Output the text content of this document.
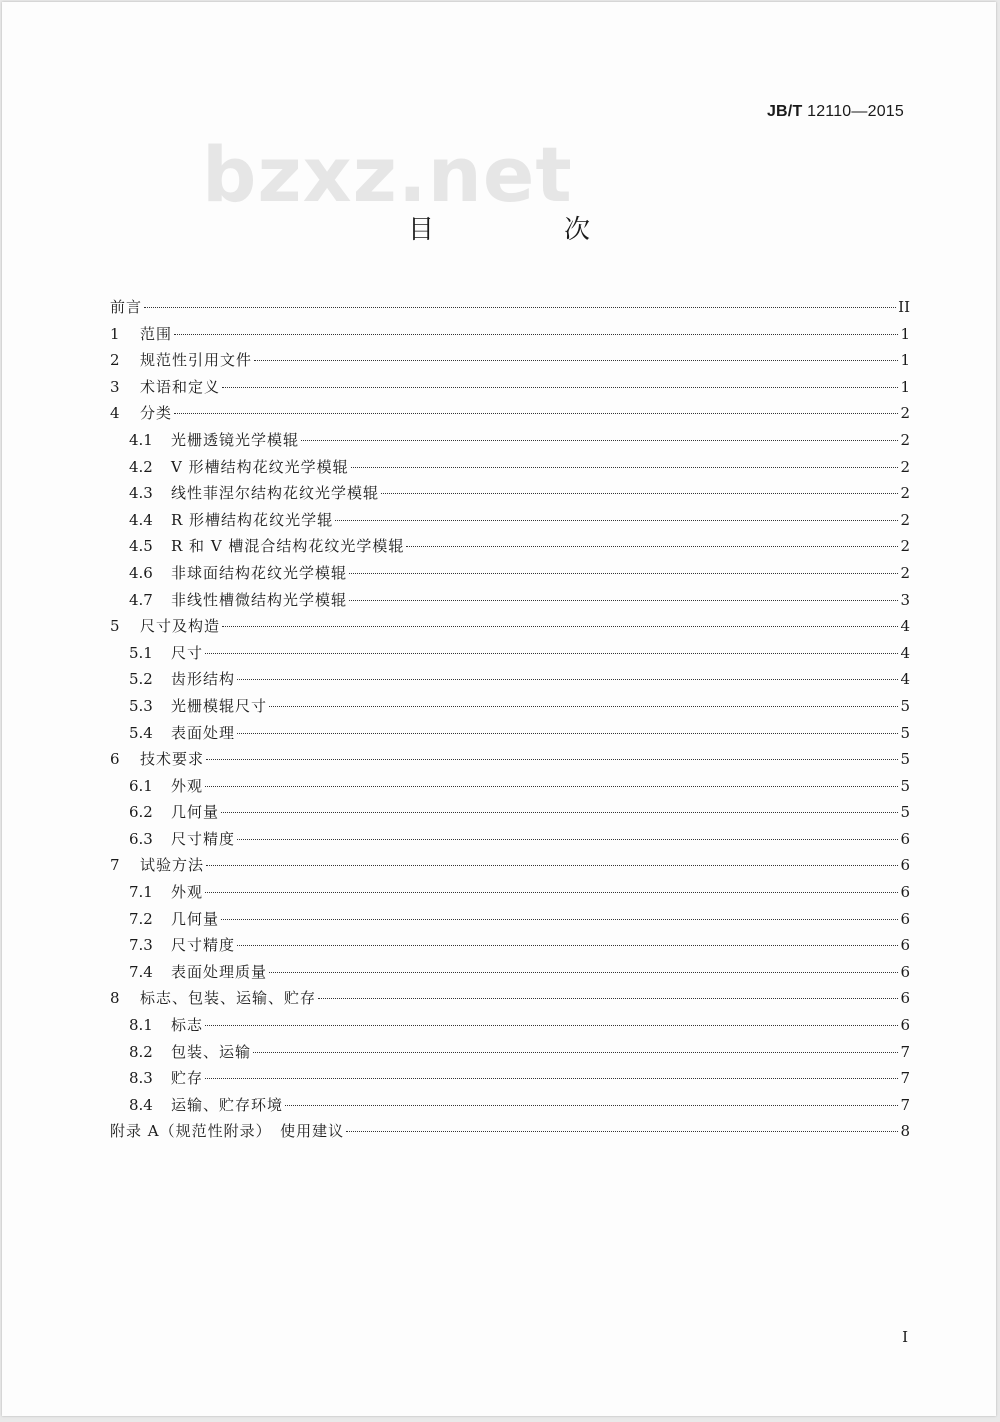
JB/T 12110—2015
bzxz.net
目　次
前言	II
1	范围	1
2	规范性引用文件	1
3	术语和定义	1
4	分类	2
4.1	光栅透镜光学模辊	2
4.2	V 形槽结构花纹光学模辊	2
4.3	线性菲涅尔结构花纹光学模辊	2
4.4	R 形槽结构花纹光学辊	2
4.5	R 和 V 槽混合结构花纹光学模辊	2
4.6	非球面结构花纹光学模辊	2
4.7	非线性槽微结构光学模辊	3
5	尺寸及构造	4
5.1	尺寸	4
5.2	齿形结构	4
5.3	光栅模辊尺寸	5
5.4	表面处理	5
6	技术要求	5
6.1	外观	5
6.2	几何量	5
6.3	尺寸精度	6
7	试验方法	6
7.1	外观	6
7.2	几何量	6
7.3	尺寸精度	6
7.4	表面处理质量	6
8	标志、包装、运输、贮存	6
8.1	标志	6
8.2	包装、运输	7
8.3	贮存	7
8.4	运输、贮存环境	7
附录 A（规范性附录）　使用建议	8
I
